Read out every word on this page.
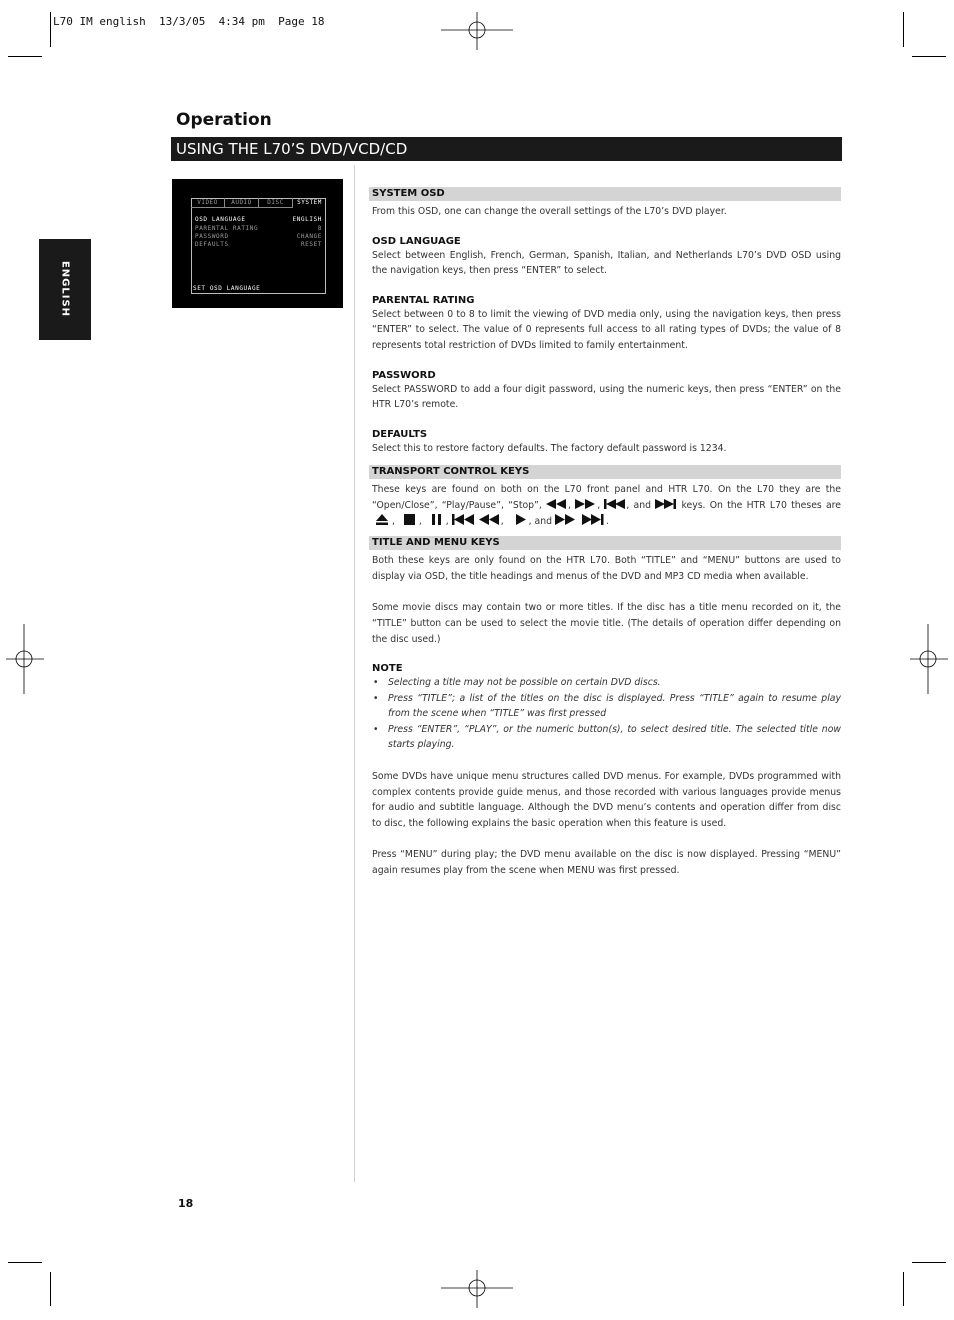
L70 IM english  13/3/05  4:34 pm  Page 18
Operation
USING THE L70’S DVD/VCD/CD
ENGLISH
VIDEO	AUDIO	DISC	SYSTEM
OSD LANGUAGE	ENGLISH
PARENTAL RATING	8
PASSWORD	CHANGE
DEFAULTS	RESET
SET OSD LANGUAGE
SYSTEM OSD

From this OSD, one can change the overall settings of the L70’s DVD player.

OSD LANGUAGE

Select between English, French, German, Spanish, Italian, and Netherlands L70’s DVD OSD using the navigation keys, then press “ENTER” to select.

PARENTAL RATING

Select between 0 to 8 to limit the viewing of DVD media only, using the navigation keys, then press “ENTER” to select. The value of 0 represents full access to all rating types of DVDs; the value of 8 represents total restriction of DVDs limited to family entertainment.

PASSWORD

Select PASSWORD to add a four digit password, using the numeric keys, then press “ENTER” on the HTR L70’s remote.

DEFAULTS

Select this to restore factory defaults. The factory default password is 1234.

TRANSPORT CONTROL KEYS

These keys are found on both on the L70 front panel and HTR L70. On the L70 they are the “Open/Close”, “Play/Pause”, “Stop”,	,	,	, and	keys. On the HTR L70 theses are  ,	,	,	,	, and	.

TITLE AND MENU KEYS

Both these keys are only found on the HTR L70. Both “TITLE” and “MENU” buttons are used to display via OSD, the title headings and menus of the DVD and MP3 CD media when available.

Some movie discs may contain two or more titles. If the disc has a title menu recorded on it, the “TITLE” button can be used to select the movie title. (The details of operation differ depending on the disc used.)

NOTE
• Selecting a title may not be possible on certain DVD discs.
• Press “TITLE”; a list of the titles on the disc is displayed. Press “TITLE” again to resume play from the scene when “TITLE” was first pressed
• Press “ENTER”, “PLAY”, or the numeric button(s), to select desired title. The selected title now starts playing.

Some DVDs have unique menu structures called DVD menus. For example, DVDs programmed with complex contents provide guide menus, and those recorded with various languages provide menus for audio and subtitle language. Although the DVD menu’s contents and operation differ from disc to disc, the following explains the basic operation when this feature is used.

Press “MENU” during play; the DVD menu available on the disc is now displayed. Pressing “MENU” again resumes play from the scene when MENU was first pressed.

18
